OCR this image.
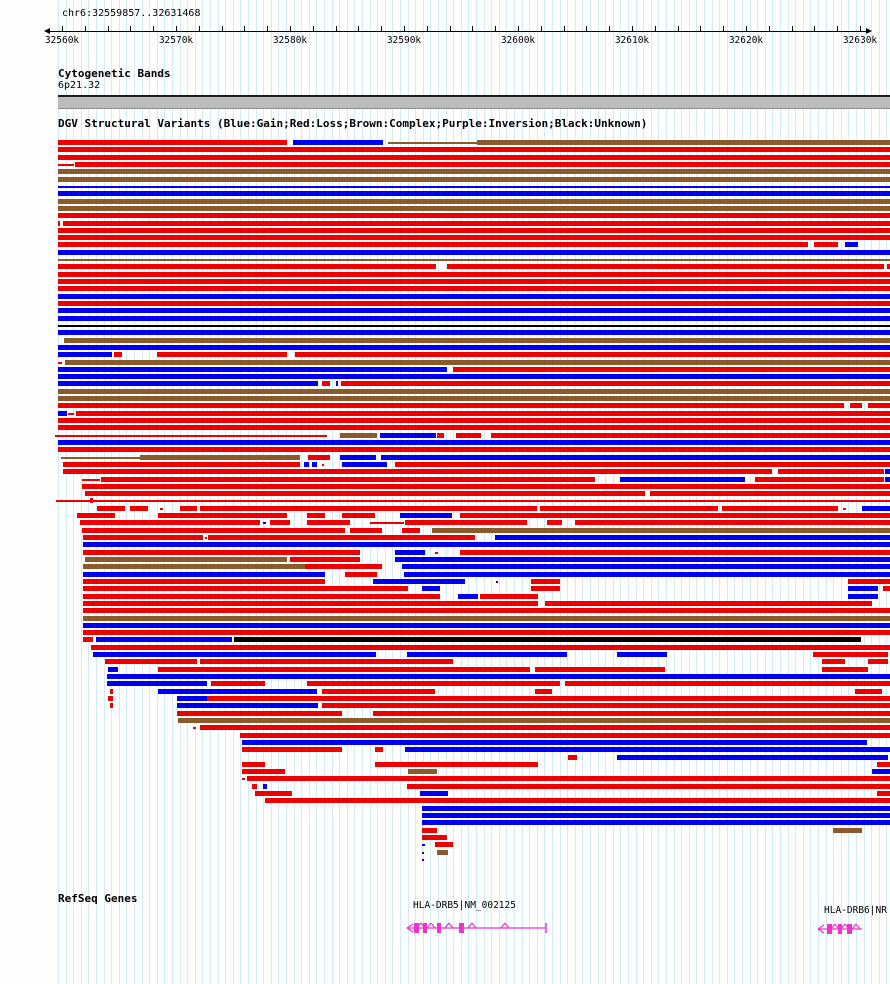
chr6:32559857..32631468
32560k	32570k	32580k	32590k	32600k	32610k	32620k	32630k
Cytogenetic Bands
6p21.32
DGV Structural Variants (Blue:Gain;Red:Loss;Brown:Complex;Purple:Inversion;Black:Unknown)
RefSeq Genes
HLA-DRB5|NM_002125	HLA-DRB6|NR
